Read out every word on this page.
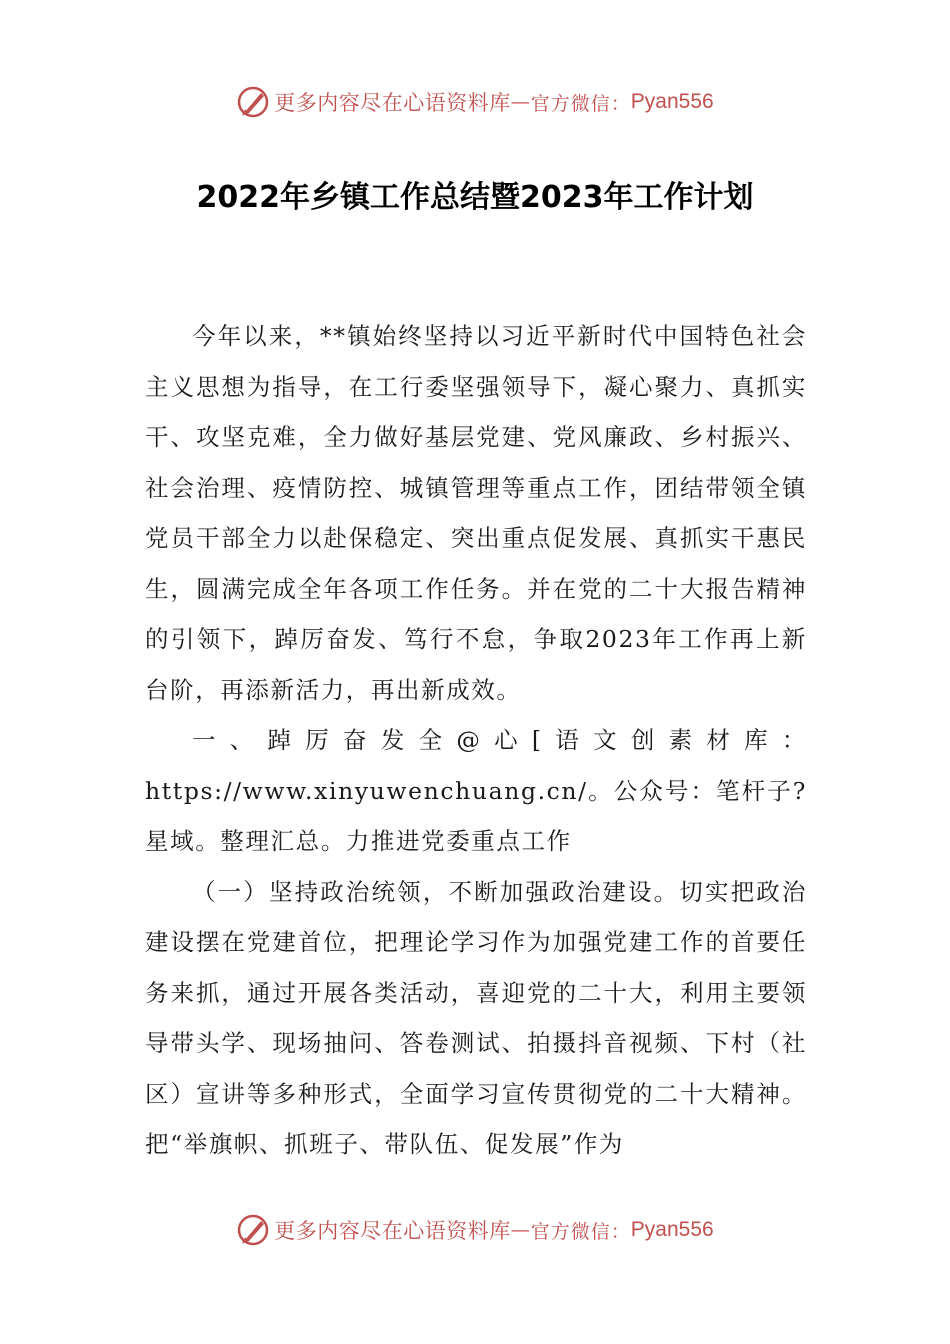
更多内容尽在心语资料库 — 官方微信： Pyan556
2022年乡镇工作总结暨2023年工作计划

今年以来，**镇始终坚持以习近平新时代中国特色社会主义思想为指导，在工行委坚强领导下，凝心聚力、真抓实干、攻坚克难，全力做好基层党建、党风廉政、乡村振兴、社会治理、疫情防控、城镇管理等重点工作，团结带领全镇党员干部全力以赴保稳定、突出重点促发展、真抓实干惠民生，圆满完成全年各项工作任务。并在党的二十大报告精神的引领下，踔厉奋发、笃行不怠，争取2023年工作再上新台阶，再添新活力，再出新成效。

一、踔厉奋发全@心[语文创素材库：https://www.xinyuwenchuang.cn/。公众号：笔杆子?星域。整理汇总。力推进党委重点工作

（一）坚持政治统领，不断加强政治建设。切实把政治建设摆在党建首位，把理论学习作为加强党建工作的首要任务来抓，通过开展各类活动，喜迎党的二十大，利用主要领导带头学、现场抽问、答卷测试、拍摄抖音视频、下村（社区）宣讲等多种形式，全面学习宣传贯彻党的二十大精神。把“举旗帜、抓班子、带队伍、促发展”作为

更多内容尽在心语资料库 — 官方微信： Pyan556
